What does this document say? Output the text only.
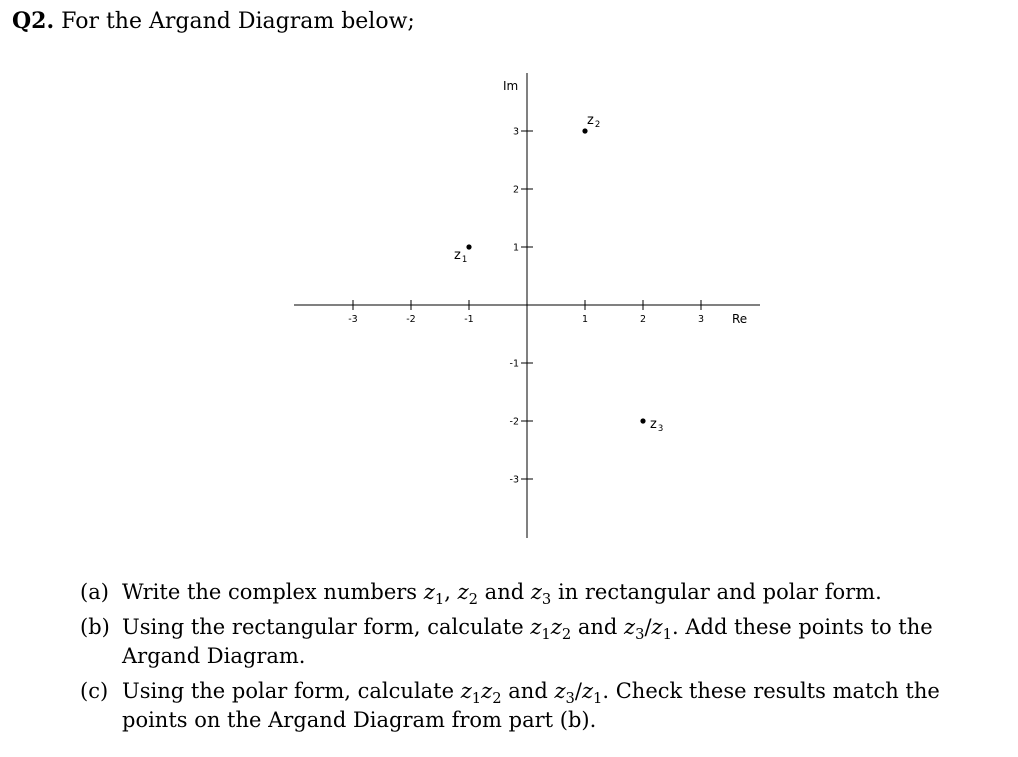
Q2. For the Argand Diagram below;
-3	-2	-1	1	2	3
3
2
1
-1
-2
-3
Re
Im
$z_1$
$z_2$
$z_3$
(a) Write the complex numbers $z_1$, $z_2$ and $z_3$ in rectangular and polar form.
(b) Using the rectangular form, calculate $z_1z_2$ and $z_3/z_1$. Add these points to the Argand Diagram.
(c) Using the polar form, calculate $z_1z_2$ and $z_3/z_1$. Check these results match the points on the Argand Diagram from part (b).
